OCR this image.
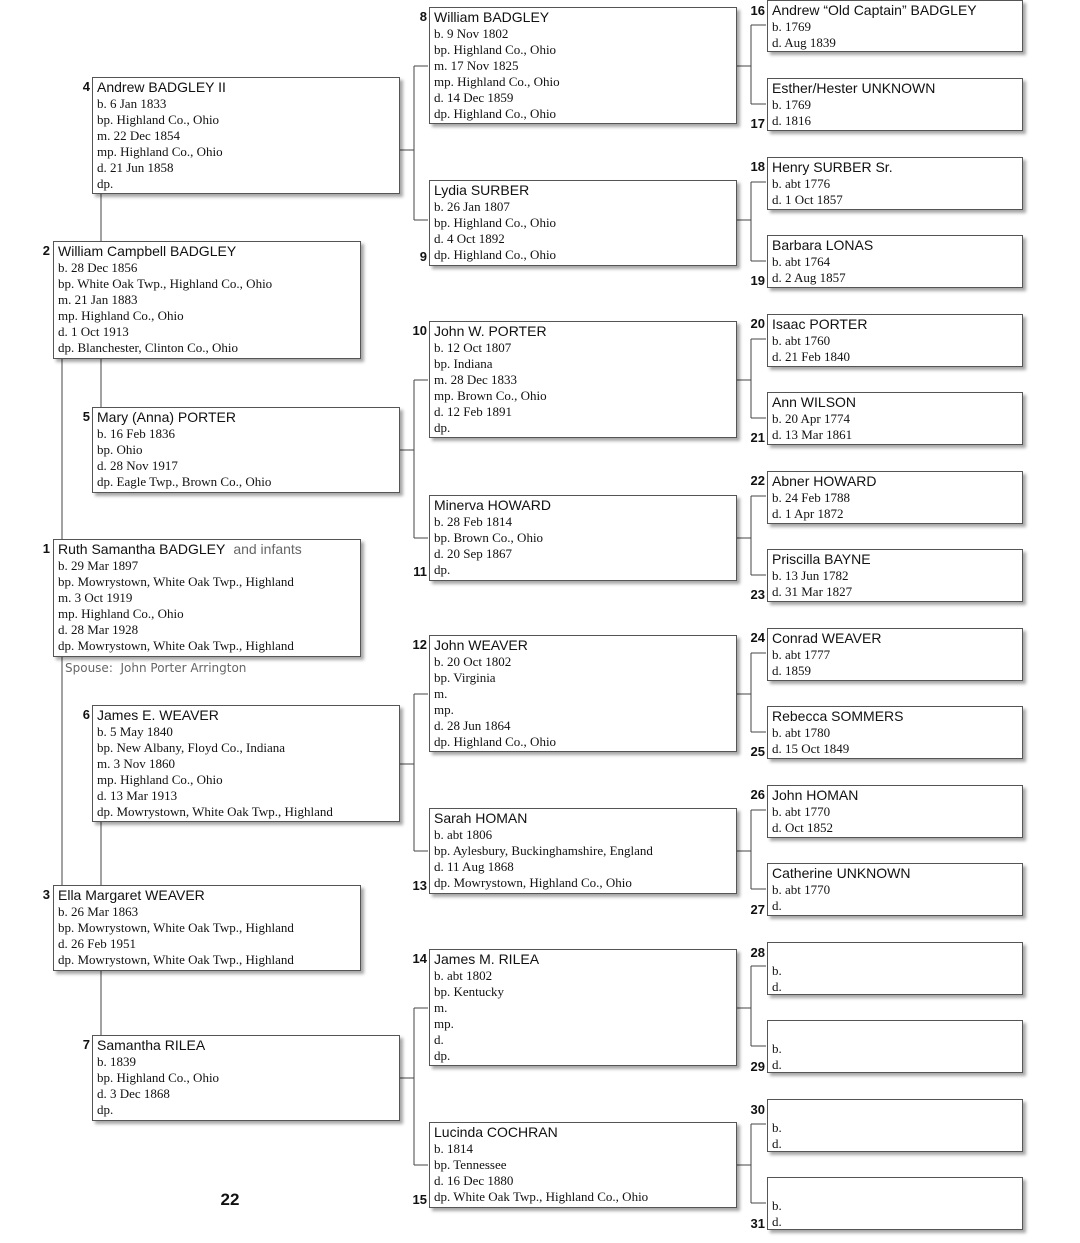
1 Ruth Samantha BADGLEY and infants
b. 29 Mar 1897
bp. Mowrystown, White Oak Twp., Highland
m. 3 Oct 1919
mp. Highland Co., Ohio
d. 28 Mar 1928
dp. Mowrystown, White Oak Twp., Highland
Spouse: John Porter Arrington
2 William Campbell BADGLEY
b. 28 Dec 1856
bp. White Oak Twp., Highland Co., Ohio
m. 21 Jan 1883
mp. Highland Co., Ohio
d. 1 Oct 1913
dp. Blanchester, Clinton Co., Ohio
3 Ella Margaret WEAVER
b. 26 Mar 1863
bp. Mowrystown, White Oak Twp., Highland
d. 26 Feb 1951
dp. Mowrystown, White Oak Twp., Highland
4 Andrew BADGLEY II
b. 6 Jan 1833
bp. Highland Co., Ohio
m. 22 Dec 1854
mp. Highland Co., Ohio
d. 21 Jun 1858
dp.
5 Mary (Anna) PORTER
b. 16 Feb 1836
bp. Ohio
d. 28 Nov 1917
dp. Eagle Twp., Brown Co., Ohio
6 James E. WEAVER
b. 5 May 1840
bp. New Albany, Floyd Co., Indiana
m. 3 Nov 1860
mp. Highland Co., Ohio
d. 13 Mar 1913
dp. Mowrystown, White Oak Twp., Highland
7 Samantha RILEA
b. 1839
bp. Highland Co., Ohio
d. 3 Dec 1868
dp.
8 William BADGLEY
b. 9 Nov 1802
bp. Highland Co., Ohio
m. 17 Nov 1825
mp. Highland Co., Ohio
d. 14 Dec 1859
dp. Highland Co., Ohio
9
Lydia SURBER
b. 26 Jan 1807
bp. Highland Co., Ohio
d. 4 Oct 1892
dp. Highland Co., Ohio
10 John W. PORTER
b. 12 Oct 1807
bp. Indiana
m. 28 Dec 1833
mp. Brown Co., Ohio
d. 12 Feb 1891
dp.
11
Minerva HOWARD
b. 28 Feb 1814
bp. Brown Co., Ohio
d. 20 Sep 1867
dp.
12 John WEAVER
b. 20 Oct 1802
bp. Virginia
m.
mp.
d. 28 Jun 1864
dp. Highland Co., Ohio
13
Sarah HOMAN
b. abt 1806
bp. Aylesbury, Buckinghamshire, England
d. 11 Aug 1868
dp. Mowrystown, Highland Co., Ohio
14 James M. RILEA
b. abt 1802
bp. Kentucky
m.
mp.
d.
dp.
15
Lucinda COCHRAN
b. 1814
bp. Tennessee
d. 16 Dec 1880
dp. White Oak Twp., Highland Co., Ohio
16 Andrew “Old Captain” BADGLEY
b. 1769
d. Aug 1839
17
Esther/Hester UNKNOWN
b. 1769
d. 1816
18 Henry SURBER Sr.
b. abt 1776
d. 1 Oct 1857
19
Barbara LONAS
b. abt 1764
d. 2 Aug 1857
20 Isaac PORTER
b. abt 1760
d. 21 Feb 1840
21
Ann WILSON
b. 20 Apr 1774
d. 13 Mar 1861
22 Abner HOWARD
b. 24 Feb 1788
d. 1 Apr 1872
23
Priscilla BAYNE
b. 13 Jun 1782
d. 31 Mar 1827
24 Conrad WEAVER
b. abt 1777
d. 1859
25
Rebecca SOMMERS
b. abt 1780
d. 15 Oct 1849
26 John HOMAN
b. abt 1770
d. Oct 1852
27
Catherine UNKNOWN
b. abt 1770
d.
28
b.
d.
29
b.
d.
30
b.
d.
31
b.
d.
22
